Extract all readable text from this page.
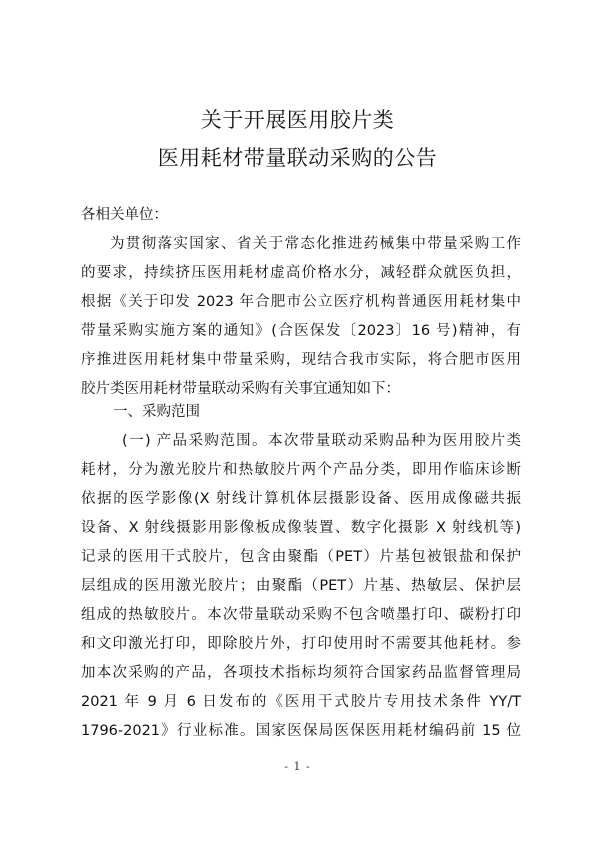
关于开展医用胶片类
医用耗材带量联动采购的公告
各相关单位：
为贯彻落实国家、省关于常态化推进药械集中带量采购工作
的要求，持续挤压医用耗材虚高价格水分，减轻群众就医负担，
根据《关于印发 2023 年合肥市公立医疗机构普通医用耗材集中
带量采购实施方案的通知》(合医保发〔2023〕16 号)精神，有
序推进医用耗材集中带量采购，现结合我市实际，将合肥市医用
胶片类医用耗材带量联动采购有关事宜通知如下：
一、采购范围
(一) 产品采购范围。本次带量联动采购品种为医用胶片类
耗材，分为激光胶片和热敏胶片两个产品分类，即用作临床诊断
依据的医学影像(X 射线计算机体层摄影设备、医用成像磁共振
设备、X 射线摄影用影像板成像装置、数字化摄影 X 射线机等)
记录的医用干式胶片，包含由聚酯（PET）片基包被银盐和保护
层组成的医用激光胶片；由聚酯（PET）片基、热敏层、保护层
组成的热敏胶片。本次带量联动采购不包含喷墨打印、碳粉打印
和文印激光打印，即除胶片外，打印使用时不需要其他耗材。参
加本次采购的产品，各项技术指标均须符合国家药品监督管理局
2021 年 9 月 6 日发布的《医用干式胶片专用技术条件 YY/T
1796-2021》行业标准。国家医保局医保医用耗材编码前 15 位
- 1 -
